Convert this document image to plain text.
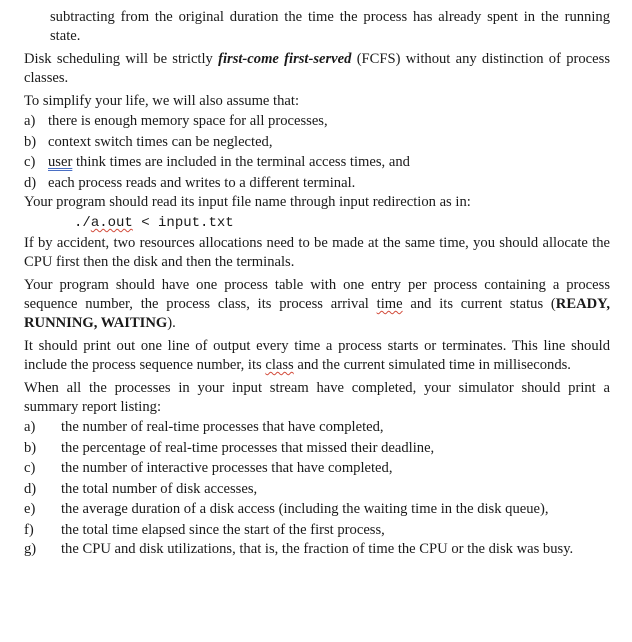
subtracting from the original duration the time the process has already spent in the running state.

Disk scheduling will be strictly first-come first-served (FCFS) without any distinction of process classes.

To simplify your life, we will also assume that:

a) there is enough memory space for all processes,
b) context switch times can be neglected,
c) user think times are included in the terminal access times, and
d) each process reads and writes to a different terminal.

Your program should read its input file name through input redirection as in:

./a.out < input.txt

If by accident, two resources allocations need to be made at the same time, you should allocate the CPU first then the disk and then the terminals.

Your program should have one process table with one entry per process containing a process sequence number, the process class, its process arrival time and its current status (READY, RUNNING, WAITING).

It should print out one line of output every time a process starts or terminates. This line should include the process sequence number, its class and the current simulated time in milliseconds.

When all the processes in your input stream have completed, your simulator should print a summary report listing:

a)	the number of real-time processes that have completed,
b)	the percentage of real-time processes that missed their deadline,
c)	the number of interactive processes that have completed,
d)	the total number of disk accesses,
e)	the average duration of a disk access (including the waiting time in the disk queue),
f)	the total time elapsed since the start of the first process,

g) the CPU and disk utilizations, that is, the fraction of time the CPU or the disk was busy.
